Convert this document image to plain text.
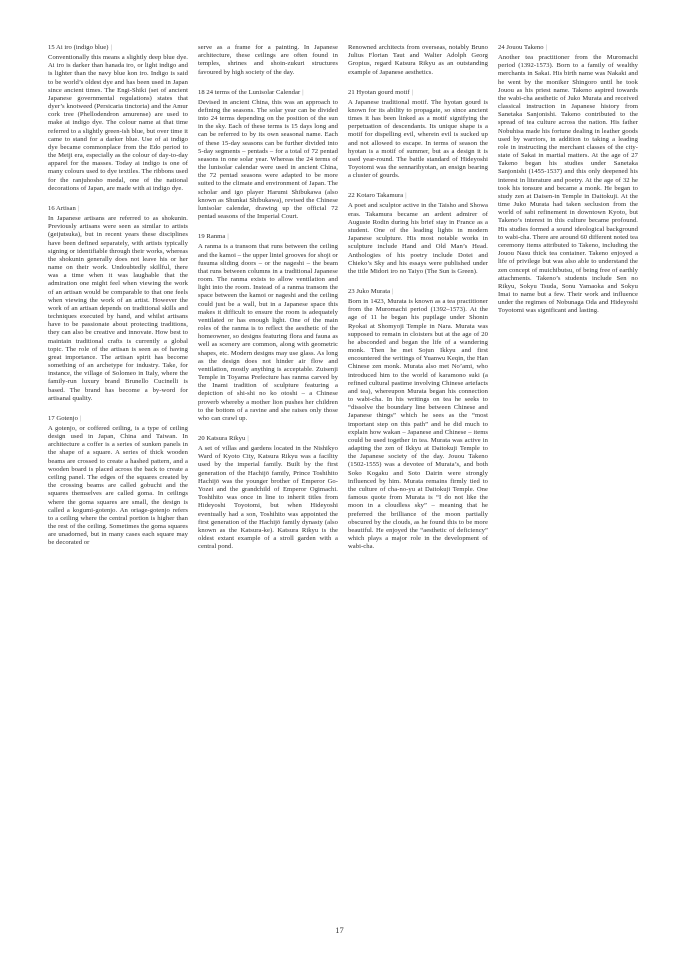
15 Ai iro (indigo blue) |

Conventionally this means a slightly deep blue dye. Ai iro is darker than hanada iro, or light indigo and is lighter than the navy blue kon iro. Indigo is said to be world’s oldest dye and has been used in Japan since ancient times. The Engi-Shiki (set of ancient Japanese governmental regulations) states that dyer’s knotweed (Persicaria tinctoria) and the Amur cork tree (Phellodendron amurense) are used to make ai indigo dye. The colour name ai that time referred to a slightly green-ish blue, but over time it came to stand for a darker blue. Use of ai indigo dye became commonplace from the Edo period to the Meiji era, especially as the colour of day-to-day apparel for the masses. Today ai indigo is one of many colours used to dye textiles. The ribbons used for the ranjuhosho medal, one of the national decorations of Japan, are made with ai indigo dye.

16 Artisan |

In Japanese artisans are referred to as shokunin. Previously artisans were seen as similar to artists (geijutsuka), but in recent years these disciplines have been defined separately, with artists typically signing or identifiable through their works, whereas the shokunin generally does not leave his or her name on their work. Undoubtedly skillful, there was a time when it was laughable that the admiration one might feel when viewing the work of an artisan would be comparable to that one feels when viewing the work of an artist. However the work of an artisan depends on traditional skills and techniques executed by hand, and whilst artisans have to be passionate about protecting traditions, they can also be creative and innovate. How best to maintain traditional crafts is currently a global topic. The role of the artisan is seen as of having great importance. The artisan spirit has become something of an archetype for industry. Take, for instance, the village of Solomeo in Italy, where the family-run luxury brand Brunello Cucinelli is based. The brand has become a by-word for artisanal quality.

17 Gotenjo |

A gotenjo, or coffered ceiling, is a type of ceiling design used in Japan, China and Taiwan. In architecture a coffer is a series of sunken panels in the shape of a square. A series of thick wooden beams are crossed to create a hashed pattern, and a wooden board is placed across the back to create a ceiling panel. The edges of the squares created by the crossing beams are called gobuchi and the squares themselves are called goma. In ceilings where the goma squares are small, the design is called a kogumi-gotenjo. An oriage-gotenjo refers to a ceiling where the central portion is higher than the rest of the ceiling. Sometimes the goma squares are unadorned, but in many cases each square may be decorated or

serve as a frame for a painting. In Japanese architecture, these ceilings are often found in temples, shrines and shoin-zukuri structures favoured by high society of the day.

18 24 terms of the Lunisolar Calendar |

Devised in ancient China, this was an approach to defining the seasons. The solar year can be divided into 24 terms depending on the position of the sun in the sky. Each of these terms is 15 days long and can be referred to by its own seasonal name. Each of these 15-day seasons can be further divided into 5-day segments – pentads – for a total of 72 pentad seasons in one solar year. Whereas the 24 terms of the lunisolar calendar were used in ancient China, the 72 pentad seasons were adapted to be more suited to the climate and environment of Japan. The scholar and igo player Harumi Shibukawa (also known as Shunkai Shibukawa), revised the Chinese lunisolar calendar, drawing up the official 72 pentad seasons of the Imperial Court.

19 Ranma |

A ranma is a transom that runs between the ceiling and the kamoi – the upper lintel grooves for shoji or fusuma sliding doors – or the nageshi – the beam that runs between columns in a traditional Japanese room. The ranma exists to allow ventilation and light into the room. Instead of a ranma transom the space between the kamoi or nageshi and the ceiling could just be a wall, but in a Japanese space this makes it difficult to ensure the room is adequately ventilated or has enough light. One of the main roles of the ranma is to reflect the aesthetic of the homeowner, so designs featuring flora and fauna as well as scenery are common, along with geometric shapes, etc. Modern designs may use glass. As long as the design does not hinder air flow and ventilation, mostly anything is acceptable. Zuisenji Temple in Toyama Prefecture has ranma carved by the Inami tradition of sculpture featuring a depiction of shi-shi no ko otoshi – a Chinese proverb whereby a mother lion pushes her children to the bottom of a ravine and she raises only those who can crawl up.

20 Katsura Rikyu |

A set of villas and gardens located in the Nishikyo Ward of Kyoto City, Katsura Rikyu was a facility used by the imperial family. Built by the first generation of the Hachijō family, Prince Toshihito Hachijō was the younger brother of Emperor Go-Yozei and the grandchild of Emperor Ogimachi. Toshihito was once in line to inherit titles from Hideyoshi Toyotomi, but when Hideyoshi eventually had a son, Toshihito was appointed the first generation of the Hachijō family dynasty (also known as the Katsura-ke). Katsura Rikyu is the oldest extant example of a stroll garden with a central pond.

Renowned architects from overseas, notably Bruno Julius Florian Taut and Walter Adolph Georg Gropius, regard Katsura Rikyu as an outstanding example of Japanese aesthetics.

21 Hyotan gourd motif |

A Japanese traditional motif. The hyotan gourd is known for its ability to propagate, so since ancient times it has been linked as a motif signifying the perpetuation of descendants. Its unique shape is a motif for dispelling evil, wherein evil is sucked up and not allowed to escape. In terms of season the hyotan is a motif of summer, but as a design it is used year-round. The battle standard of Hideyoshi Toyotomi was the sennarihyotan, an ensign bearing a cluster of gourds.

22 Kotaro Takamura |

A poet and sculptor active in the Taisho and Showa eras. Takamura became an ardent admirer of Auguste Rodin during his brief stay in France as a student. One of the leading lights in modern Japanese sculpture. His most notable works in sculpture include Hand and Old Man’s Head. Anthologies of his poetry include Dotei and Chieko’s Sky and his essays were published under the title Midori iro no Taiyo (The Sun is Green).

23 Juko Murata |

Born in 1423, Murata is known as a tea practitioner from the Muromachi period (1392–1573). At the age of 11 he began his pupilage under Shonin Ryokai at Shomyoji Temple in Nara. Murata was supposed to remain in cloisters but at the age of 20 he absconded and began the life of a wandering monk. Then he met Sojun Ikkyu and first encountered the writings of Yuanwu Keqin, the Han Chinese zen monk. Murata also met No’ami, who introduced him to the world of karamono suki (a refined cultural pastime involving Chinese artefacts and tea), whereupon Murata began his connection to wabi-cha. In his writings on tea he seeks to “dissolve the boundary line between Chinese and Japanese things” which he sees as the “most important step on this path” and he did much to explain how wakan – Japanese and Chinese – items could be used together in tea. Murata was active in adapting the zen of Ikkyu at Daitokuji Temple to the Japanese society of the day. Jouou Takeno (1502-1555) was a devotee of Murata’s, and both Soko Kogaku and Soto Dairin were strongly influenced by him. Murata remains firmly tied to the culture of cha-no-yu at Daitokuji Temple. One famous quote from Murata is “I do not like the moon in a cloudless sky” – meaning that he preferred the brilliance of the moon partially obscured by the clouds, as he found this to be more beautiful. He enjoyed the “aesthetic of deficiency” which plays a major role in the development of wabi-cha.

24 Jouou Takeno |

Another tea practitioner from the Muromachi period (1392-1573). Born to a family of wealthy merchants in Sakai. His birth name was Nakaki and he went by the moniker Shingoro until he took Jouou as his priest name. Takeno aspired towards the wabi-cha aesthetic of Juko Murata and received classical instruction in Japanese history from Sanetaka Sanjonishi. Takeno contributed to the spread of tea culture across the nation. His father Nobuhisa made his fortune dealing in leather goods used by warriors, in addition to taking a leading role in instructing the merchant classes of the city-state of Sakai in martial matters. At the age of 27 Takeno began his studies under Sanetaka Sanjonishi (1455-1537) and this only deepened his interest in literature and poetry. At the age of 32 he took his tonsure and became a monk. He began to study zen at Daisen-in Temple in Daitokuji. At the time Juko Murata had taken seclusion from the world of sabi refinement in downtown Kyoto, but Takeno’s interest in this culture became profound. His studies formed a sound ideological background to wabi-cha. There are around 60 different noted tea ceremony items attributed to Takeno, including the Jouou Nasu thick tea container. Takeno enjoyed a life of privilege but was also able to understand the zen concept of muichibutsu, of being free of earthly attachments. Takeno’s students include Sen no Rikyu, Sokyu Tsuda, Sonu Yamaoka and Sokyu Imai to name but a few. Their work and influence under the regimes of Nobunaga Oda and Hideyoshi Toyotomi was significant and lasting.

17
